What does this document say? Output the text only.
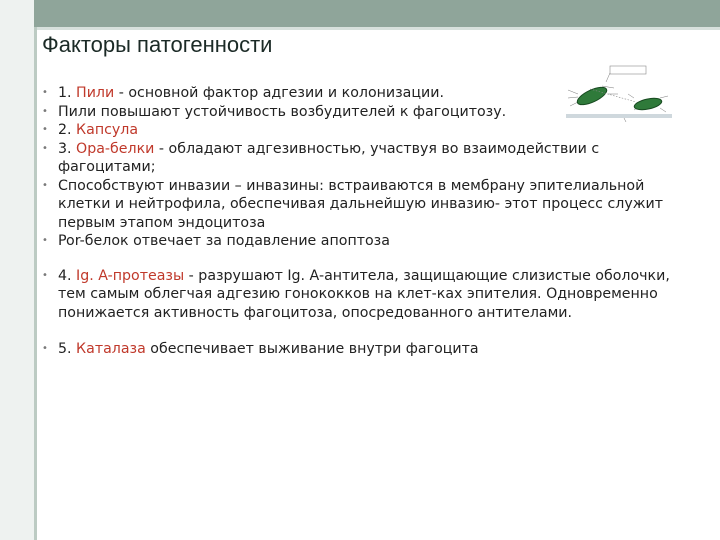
Факторы патогенности
• 1. Пили - основной фактор адгезии и колонизации.
• Пили повышают устойчивость возбудителей к фагоцитозу.
• 2. Капсула
• 3. Ора-белки - обладают адгезивностью, участвуя во взаимодействии с фагоцитами;
• Способствуют инвазии – инвазины: встраиваются в мембрану эпителиальной клетки и нейтрофила, обеспечивая дальнейшую инвазию- этот процесс служит первым этапом эндоцитоза
• Por-белок отвечает за подавление апоптоза
• 4. Ig. A-протеазы - разрушают Ig. A-антитела, защищающие слизистые оболочки, тем самым облегчая адгезию гонококков на клет-ках эпителия. Одновременно понижается активность фагоцитоза, опосредованного антителами.
• 5. Каталаза обеспечивает выживание внутри фагоцита
